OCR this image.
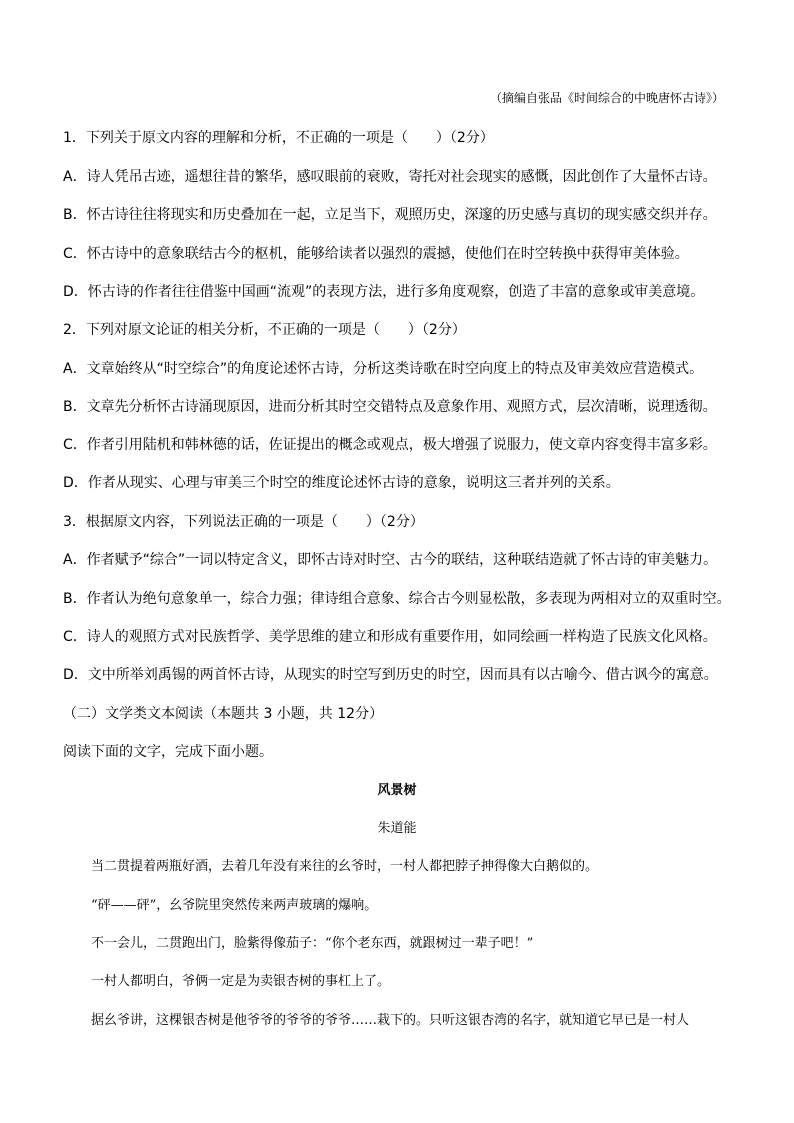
（摘编自张品《时间综合的中晚唐怀古诗》）
1．下列关于原文内容的理解和分析，不正确的一项是（　　）（2分）
A．诗人凭吊古迹，遥想往昔的繁华，感叹眼前的衰败，寄托对社会现实的感慨，因此创作了大量怀古诗。
B．怀古诗往往将现实和历史叠加在一起，立足当下，观照历史，深邃的历史感与真切的现实感交织并存。
C．怀古诗中的意象联结古今的枢机，能够给读者以强烈的震撼，使他们在时空转换中获得审美体验。
D．怀古诗的作者往往借鉴中国画“流观”的表现方法，进行多角度观察，创造了丰富的意象或审美意境。
2．下列对原文论证的相关分析，不正确的一项是（　　）（2分）
A．文章始终从“时空综合”的角度论述怀古诗，分析这类诗歌在时空向度上的特点及审美效应营造模式。
B．文章先分析怀古诗涌现原因，进而分析其时空交错特点及意象作用、观照方式，层次清晰，说理透彻。
C．作者引用陆机和韩林德的话，佐证提出的概念或观点，极大增强了说服力，使文章内容变得丰富多彩。
D．作者从现实、心理与审美三个时空的维度论述怀古诗的意象，说明这三者并列的关系。
3．根据原文内容，下列说法正确的一项是（　　）（2分）
A．作者赋予“综合”一词以特定含义，即怀古诗对时空、古今的联结，这种联结造就了怀古诗的审美魅力。
B．作者认为绝句意象单一，综合力强；律诗组合意象、综合古今则显松散，多表现为两相对立的双重时空。
C．诗人的观照方式对民族哲学、美学思维的建立和形成有重要作用，如同绘画一样构造了民族文化风格。
D．文中所举刘禹锡的两首怀古诗，从现实的时空写到历史的时空，因而具有以古喻今、借古讽今的寓意。
（二）文学类文本阅读（本题共 3 小题，共 12分）
阅读下面的文字，完成下面小题。
风景树
朱道能
当二贯提着两瓶好酒，去着几年没有来往的幺爷时，一村人都把脖子抻得像大白鹅似的。
“砰——砰”，幺爷院里突然传来两声玻璃的爆响。
不一会儿，二贯跑出门，脸紫得像茄子：“你个老东西，就跟树过一辈子吧！”
一村人都明白，爷俩一定是为卖银杏树的事杠上了。
据幺爷讲，这棵银杏树是他爷爷的爷爷的爷爷……栽下的。只听这银杏湾的名字，就知道它早已是一村人
